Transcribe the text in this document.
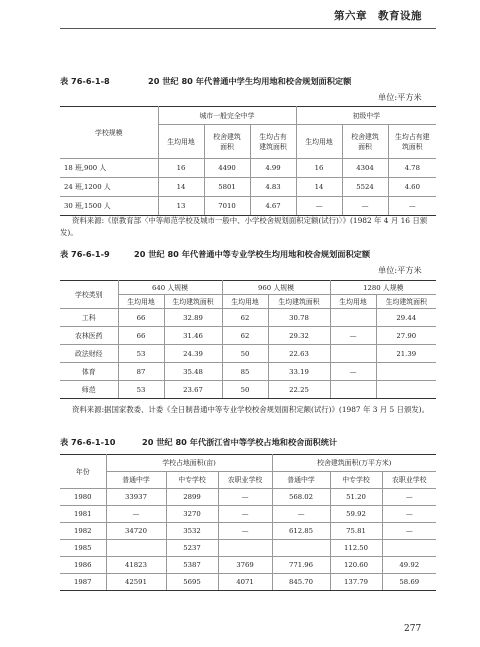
第六章　教育设施
表 76-6-1-8	20 世纪 80 年代普通中学生均用地和校舍规划面积定额
单位:平方米
学校规模	城市一般完全中学			初级中学		
	生均用地	校舍建筑面积	生均占有建筑面积	生均用地	校舍建筑面积	生均占有建筑面积
18 班,900 人	16	4490	4.99	16	4304	4.78
24 班,1200 人	14	5801	4.83	14	5524	4.60
30 班,1500 人	13	7010	4.67	—	—	—
资料来源:《原教育部〈中等师范学校及城市一般中、小学校舍规划面积定额(试行)〉》(1982 年 4 月 16 日颁发)。
表 76-6-1-9	20 世纪 80 年代普通中等专业学校生均用地和校舍规划面积定额
单位:平方米
学校类别	640 人规模		960 人规模		1280 人规模	
	生均用地	生均建筑面积	生均用地	生均建筑面积	生均用地	生均建筑面积
工科	66	32.89	62	30.78		29.44
农林医药	66	31.46	62	29.32	—	27.90
政法财经	53	24.39	50	22.63		21.39
体育	87	35.48	85	33.19	—	
师范	53	23.67	50	22.25		
资料来源:据国家教委、计委《全日制普通中等专业学校校舍规划面积定额(试行)》(1987 年 3 月 5 日颁发)。
表 76-6-1-10	20 世纪 80 年代浙江省中等学校占地和校舍面积统计
年份	学校占地面积(亩)			校舍建筑面积(万平方米)		
	普通中学	中专学校	农职业学校	普通中学	中专学校	农职业学校
1980	33937	2899	—	568.02	51.20	—
1981	—	3270	—	—	59.92	—
1982	34720	3532	—	612.85	75.81	—
1985		5237			112.50	
1986	41823	5387	3769	771.96	120.60	49.92
1987	42591	5695	4071	845.70	137.79	58.69
277
